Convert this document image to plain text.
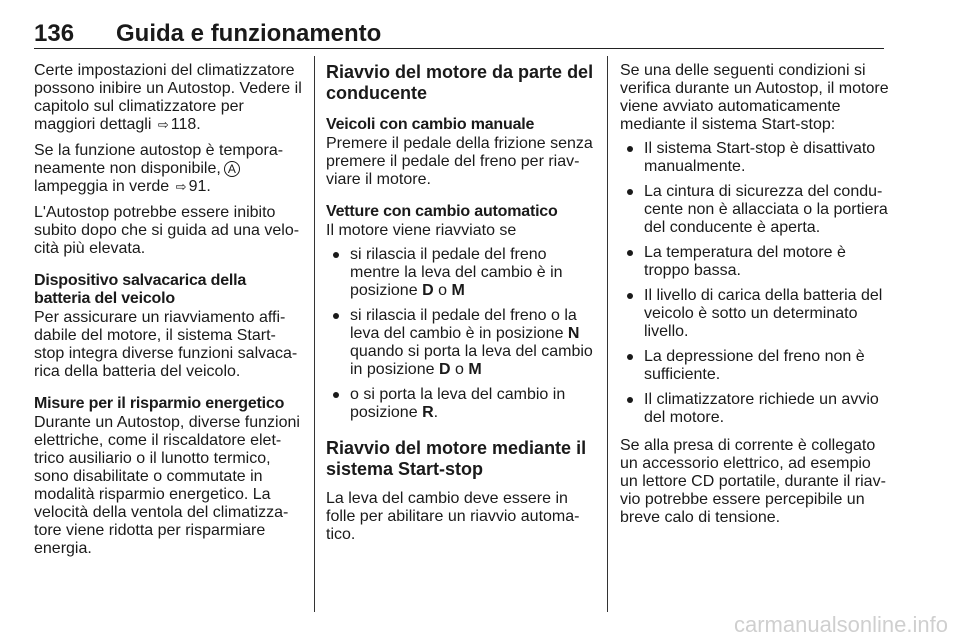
136 Guida e funzionamento

Certe impostazioni del climatizzatore possono inibire un Autostop. Vedere il capitolo sul climatizzatore per maggiori dettagli ⇨ 118.

Se la funzione autostop è temporaneamente non disponibile, A lampeggia in verde ⇨ 91.

L'Autostop potrebbe essere inibito subito dopo che si guida ad una velocità più elevata.

Dispositivo salvacarica della batteria del veicolo

Per assicurare un riavviamento affidabile del motore, il sistema Start-stop integra diverse funzioni salvacarica della batteria del veicolo.

Misure per il risparmio energetico

Durante un Autostop, diverse funzioni elettriche, come il riscaldatore elettrico ausiliario o il lunotto termico, sono disabilitate o commutate in modalità risparmio energetico. La velocità della ventola del climatizzatore viene ridotta per risparmiare energia.

Riavvio del motore da parte del conducente
Veicoli con cambio manuale

Premere il pedale della frizione senza premere il pedale del freno per riavviare il motore.

Vetture con cambio automatico

Il motore viene riavviato se

si rilascia il pedale del freno mentre la leva del cambio è in posizione D o M
si rilascia il pedale del freno o la leva del cambio è in posizione N quando si porta la leva del cambio in posizione D o M
o si porta la leva del cambio in posizione R.
Riavvio del motore mediante il sistema Start-stop

La leva del cambio deve essere in folle per abilitare un riavvio automatico.

Se una delle seguenti condizioni si verifica durante un Autostop, il motore viene avviato automaticamente mediante il sistema Start-stop:

Il sistema Start-stop è disattivato manualmente.
La cintura di sicurezza del conducente non è allacciata o la portiera del conducente è aperta.
La temperatura del motore è troppo bassa.
Il livello di carica della batteria del veicolo è sotto un determinato livello.
La depressione del freno non è sufficiente.
Il climatizzatore richiede un avvio del motore.

Se alla presa di corrente è collegato un accessorio elettrico, ad esempio un lettore CD portatile, durante il riavvio potrebbe essere percepibile un breve calo di tensione.

carmanualsonline.info
